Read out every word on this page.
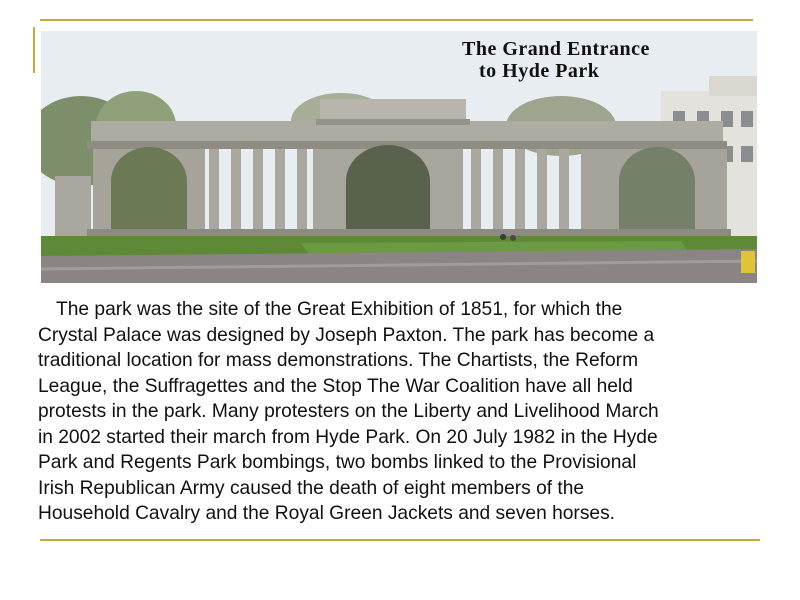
The Grand Entrance
to Hyde Park
The park was the site of the Great Exhibition of 1851, for which the
Crystal Palace was designed by Joseph Paxton. The park has become a
traditional location for mass demonstrations. The Chartists, the Reform
League, the Suffragettes and the Stop The War Coalition have all held
protests in the park. Many protesters on the Liberty and Livelihood March
in 2002 started their march from Hyde Park. On 20 July 1982 in the Hyde
Park and Regents Park bombings, two bombs linked to the Provisional
Irish Republican Army caused the death of eight members of the
Household Cavalry and the Royal Green Jackets and seven horses.
